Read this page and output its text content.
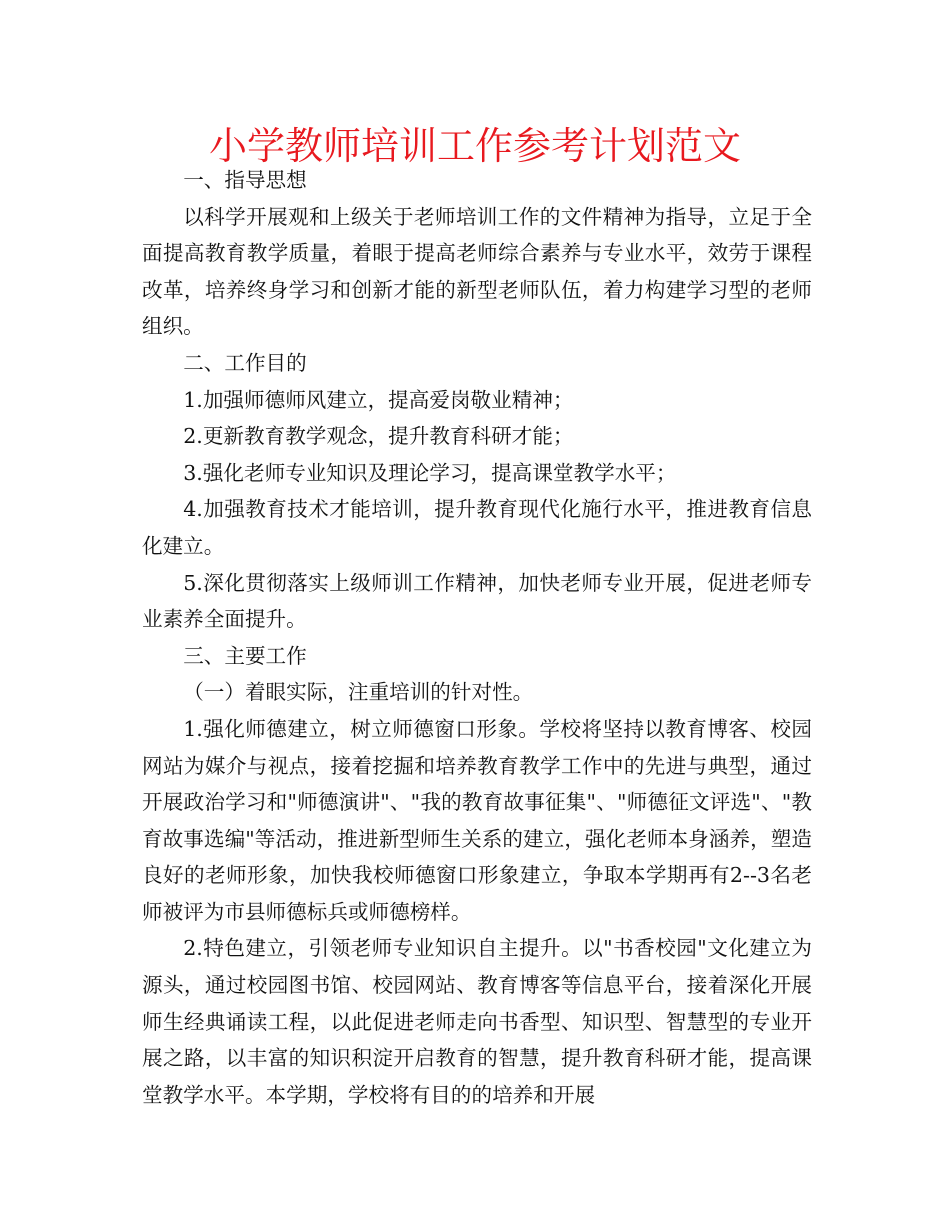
小学教师培训工作参考计划范文

一、指导思想

以科学开展观和上级关于老师培训工作的文件精神为指导，立足于全面提高教育教学质量，着眼于提高老师综合素养与专业水平，效劳于课程改革，培养终身学习和创新才能的新型老师队伍，着力构建学习型的老师组织。

二、工作目的

1.加强师德师风建立，提高爱岗敬业精神；

2.更新教育教学观念，提升教育科研才能；

3.强化老师专业知识及理论学习，提高课堂教学水平；

4.加强教育技术才能培训，提升教育现代化施行水平，推进教育信息化建立。

5.深化贯彻落实上级师训工作精神，加快老师专业开展，促进老师专业素养全面提升。

三、主要工作

（一）着眼实际，注重培训的针对性。

1.强化师德建立，树立师德窗口形象。学校将坚持以教育博客、校园网站为媒介与视点，接着挖掘和培养教育教学工作中的先进与典型，通过开展政治学习和"师德演讲"、"我的教育故事征集"、"师德征文评选"、"教育故事选编"等活动，推进新型师生关系的建立，强化老师本身涵养，塑造良好的老师形象，加快我校师德窗口形象建立，争取本学期再有2--3名老师被评为市县师德标兵或师德榜样。

2.特色建立，引领老师专业知识自主提升。以"书香校园"文化建立为源头，通过校园图书馆、校园网站、教育博客等信息平台，接着深化开展师生经典诵读工程，以此促进老师走向书香型、知识型、智慧型的专业开展之路，以丰富的知识积淀开启教育的智慧，提升教育科研才能，提高课堂教学水平。本学期，学校将有目的的培养和开展
